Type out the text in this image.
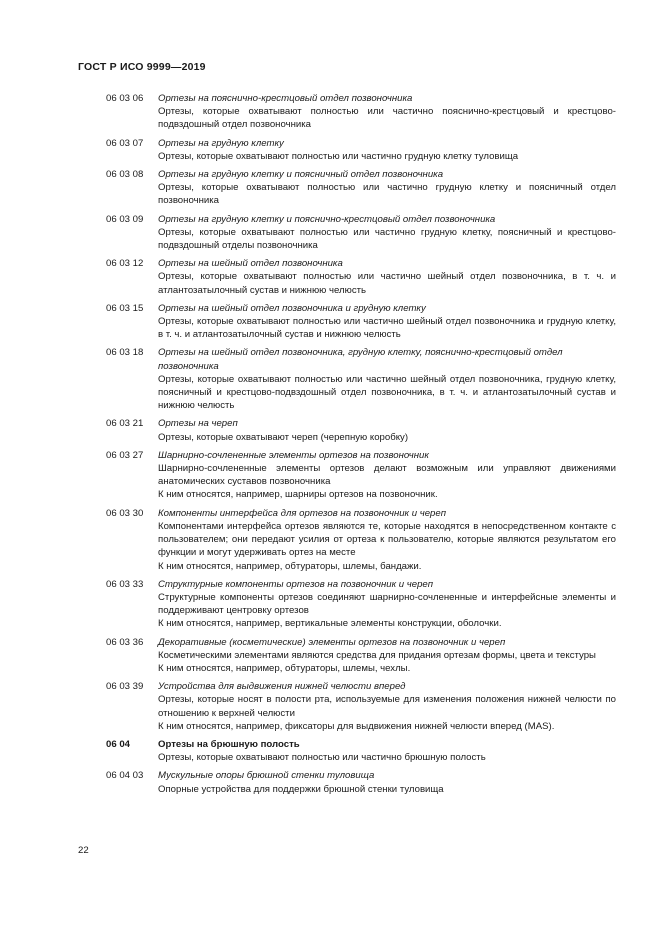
ГОСТ Р ИСО 9999—2019
06 03 06	Ортезы на пояснично-крестцовый отдел позвоночника
Ортезы, которые охватывают полностью или частично пояснично-крестцовый и крестцово-подвздошный отдел позвоночника
06 03 07	Ортезы на грудную клетку
Ортезы, которые охватывают полностью или частично грудную клетку туловища
06 03 08	Ортезы на грудную клетку и поясничный отдел позвоночника
Ортезы, которые охватывают полностью или частично грудную клетку и поясничный отдел позвоночника
06 03 09	Ортезы на грудную клетку и пояснично-крестцовый отдел позвоночника
Ортезы, которые охватывают полностью или частично грудную клетку, поясничный и крестцово-подвздошный отделы позвоночника
06 03 12	Ортезы на шейный отдел позвоночника
Ортезы, которые охватывают полностью или частично шейный отдел позвоночника, в т. ч. и атлантозатылочный сустав и нижнюю челюсть
06 03 15	Ортезы на шейный отдел позвоночника и грудную клетку
Ортезы, которые охватывают полностью или частично шейный отдел позвоночника и грудную клетку, в т. ч. и атлантозатылочный сустав и нижнюю челюсть
06 03 18	Ортезы на шейный отдел позвоночника, грудную клетку, пояснично-крестцовый отдел позвоночника
Ортезы, которые охватывают полностью или частично шейный отдел позвоночника, грудную клетку, поясничный и крестцово-подвздошный отдел позвоночника, в т. ч. и атлантозатылочный сустав и нижнюю челюсть
06 03 21	Ортезы на череп
Ортезы, которые охватывают череп (черепную коробку)
06 03 27	Шарнирно-сочлененные элементы ортезов на позвоночник
Шарнирно-сочлененные элементы ортезов делают возможным или управляют движениями анатомических суставов позвоночника
К ним относятся, например, шарниры ортезов на позвоночник.
06 03 30	Компоненты интерфейса для ортезов на позвоночник и череп
Компонентами интерфейса ортезов являются те, которые находятся в непосредственном контакте с пользователем; они передают усилия от ортеза к пользователю, которые являются результатом его функции и могут удерживать ортез на месте
К ним относятся, например, обтураторы, шлемы, бандажи.
06 03 33	Структурные компоненты ортезов на позвоночник и череп
Структурные компоненты ортезов соединяют шарнирно-сочлененные и интерфейсные элементы и поддерживают центровку ортезов
К ним относятся, например, вертикальные элементы конструкции, оболочки.
06 03 36	Декоративные (косметические) элементы ортезов на позвоночник и череп
Косметическими элементами являются средства для придания ортезам формы, цвета и текстуры
К ним относятся, например, обтураторы, шлемы, чехлы.
06 03 39	Устройства для выдвижения нижней челюсти вперед
Ортезы, которые носят в полости рта, используемые для изменения положения нижней челюсти по отношению к верхней челюсти
К ним относятся, например, фиксаторы для выдвижения нижней челюсти вперед (MAS).
06 04	Ортезы на брюшную полость
Ортезы, которые охватывают полностью или частично брюшную полость
06 04 03	Мускульные опоры брюшной стенки туловища
Опорные устройства для поддержки брюшной стенки туловища
22
